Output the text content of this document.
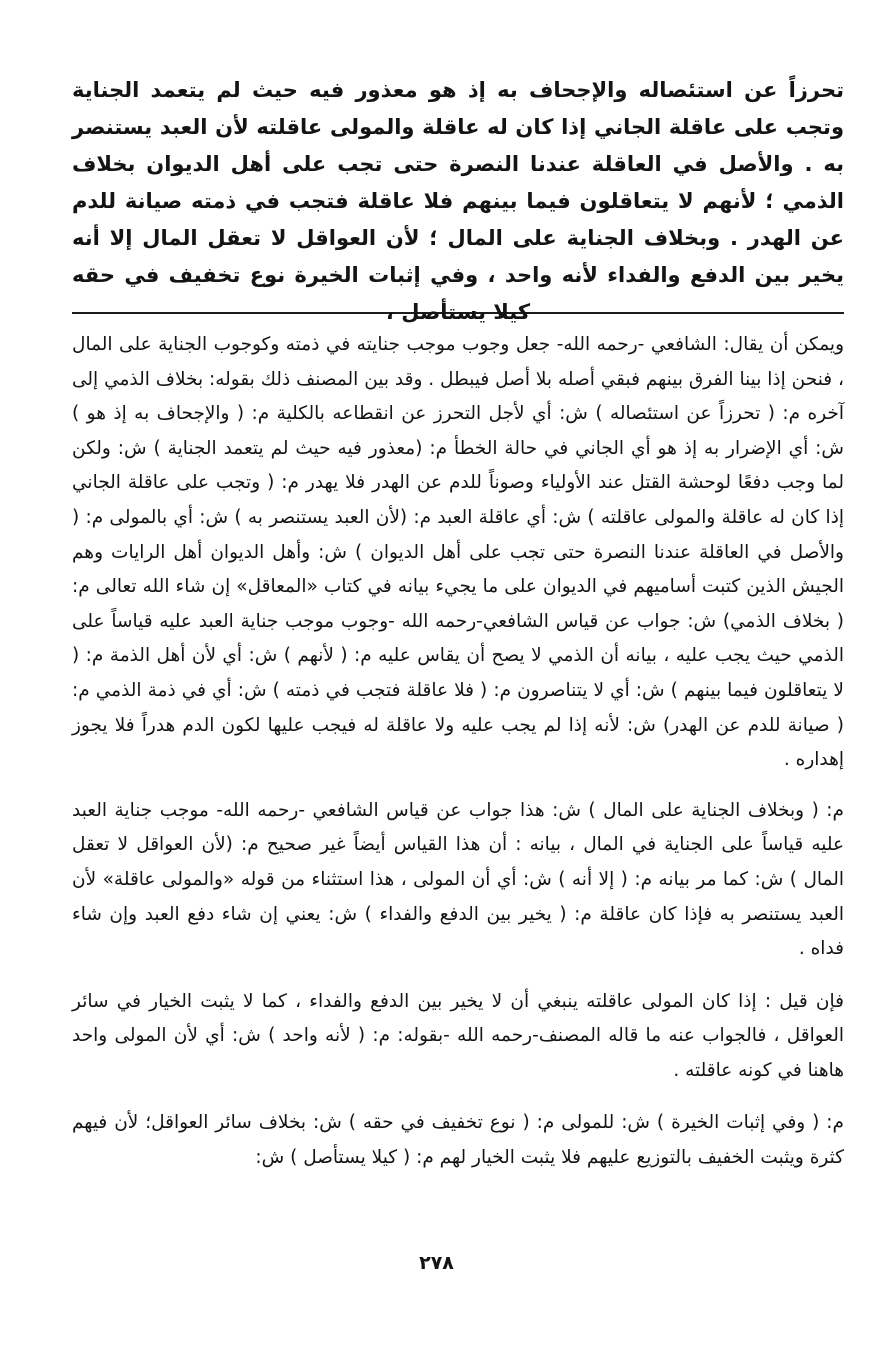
تحرزاً عن استئصاله والإجحاف به إذ هو معذور فيه حيث لم يتعمد الجناية وتجب على عاقلة الجاني إذا كان له عاقلة والمولى عاقلته لأن العبد يستنصر به . والأصل في العاقلة عندنا النصرة حتى تجب على أهل الديوان بخلاف الذمي ؛ لأنهم لا يتعاقلون فيما بينهم فلا عاقلة فتجب في ذمته صيانة للدم عن الهدر . وبخلاف الجناية على المال ؛ لأن العواقل لا تعقل المال إلا أنه يخير بين الدفع والفداء لأنه واحد ، وفي إثبات الخيرة نوع تخفيف في حقه كيلا يستأصل ،

ويمكن أن يقال: الشافعي -رحمه الله- جعل وجوب موجب جنايته في ذمته وكوجوب الجناية على المال ، فنحن إذا بينا الفرق بينهم فبقي أصله بلا أصل فيبطل . وقد بين المصنف ذلك بقوله: بخلاف الذمي إلى آخره م: ( تحرزاً عن استئصاله ) ش: أي لأجل التحرز عن انقطاعه بالكلية م: ( والإجحاف به إذ هو ) ش: أي الإضرار به إذ هو أي الجاني في حالة الخطأ م: (معذور فيه حيث لم يتعمد الجناية ) ش: ولكن لما وجب دفعًا لوحشة القتل عند الأولياء وصوناً للدم عن الهدر فلا يهدر م: ( وتجب على عاقلة الجاني إذا كان له عاقلة والمولى عاقلته ) ش: أي عاقلة العبد م: (لأن العبد يستنصر به ) ش: أي بالمولى م: ( والأصل في العاقلة عندنا النصرة حتى تجب على أهل الديوان ) ش: وأهل الديوان أهل الرايات وهم الجيش الذين كتبت أساميهم في الديوان على ما يجيء بيانه في كتاب «المعاقل» إن شاء الله تعالى م: ( بخلاف الذمي) ش: جواب عن قياس الشافعي-رحمه الله -وجوب موجب جناية العبد عليه قياساً على الذمي حيث يجب عليه ، بيانه أن الذمي لا يصح أن يقاس عليه م: ( لأنهم ) ش: أي لأن أهل الذمة م: ( لا يتعاقلون فيما بينهم ) ش: أي لا يتناصرون م: ( فلا عاقلة فتجب في ذمته ) ش: أي في ذمة الذمي م: ( صيانة للدم عن الهدر) ش: لأنه إذا لم يجب عليه ولا عاقلة له فيجب عليها لكون الدم هدراً فلا يجوز إهداره .

م: ( وبخلاف الجناية على المال ) ش: هذا جواب عن قياس الشافعي -رحمه الله- موجب جناية العبد عليه قياساً على الجناية في المال ، بيانه : أن هذا القياس أيضاً غير صحيح م: (لأن العواقل لا تعقل المال ) ش: كما مر بيانه م: ( إلا أنه ) ش: أي أن المولى ، هذا استثناء من قوله «والمولى عاقلة» لأن العبد يستنصر به فإذا كان عاقلة م: ( يخير بين الدفع والفداء ) ش: يعني إن شاء دفع العبد وإن شاء فداه .

فإن قيل : إذا كان المولى عاقلته ينبغي أن لا يخير بين الدفع والفداء ، كما لا يثبت الخيار في سائر العواقل ، فالجواب عنه ما قاله المصنف-رحمه الله -بقوله: م: ( لأنه واحد ) ش: أي لأن المولى واحد هاهنا في كونه عاقلته .

م: ( وفي إثبات الخيرة ) ش: للمولى م: ( نوع تخفيف في حقه ) ش: بخلاف سائر العواقل؛ لأن فيهم كثرة ويثبت الخفيف بالتوزيع عليهم فلا يثبت الخيار لهم م: ( كيلا يستأصل ) ش:

٢٧٨
